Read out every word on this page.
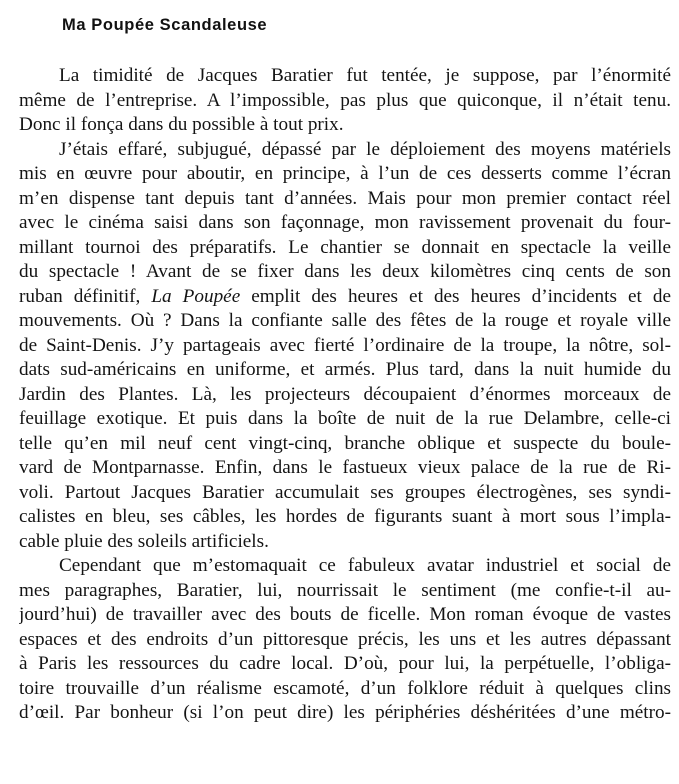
Ma Poupée Scandaleuse
La timidité de Jacques Baratier fut tentée, je suppose, par l’énormité
même de l’entreprise. A l’impossible, pas plus que quiconque, il n’était tenu.
Donc il fonça dans du possible à tout prix.
J’étais effaré, subjugué, dépassé par le déploiement des moyens matériels
mis en œuvre pour aboutir, en principe, à l’un de ces desserts comme l’écran
m’en dispense tant depuis tant d’années. Mais pour mon premier contact réel
avec le cinéma saisi dans son façonnage, mon ravissement provenait du four-
millant tournoi des préparatifs. Le chantier se donnait en spectacle la veille
du spectacle ! Avant de se fixer dans les deux kilomètres cinq cents de son
ruban définitif, La Poupée emplit des heures et des heures d’incidents et de
mouvements. Où ? Dans la confiante salle des fêtes de la rouge et royale ville
de Saint-Denis. J’y partageais avec fierté l’ordinaire de la troupe, la nôtre, sol-
dats sud-américains en uniforme, et armés. Plus tard, dans la nuit humide du
Jardin des Plantes. Là, les projecteurs découpaient d’énormes morceaux de
feuillage exotique. Et puis dans la boîte de nuit de la rue Delambre, celle-ci
telle qu’en mil neuf cent vingt-cinq, branche oblique et suspecte du boule-
vard de Montparnasse. Enfin, dans le fastueux vieux palace de la rue de Ri-
voli. Partout Jacques Baratier accumulait ses groupes électrogènes, ses syndi-
calistes en bleu, ses câbles, les hordes de figurants suant à mort sous l’impla-
cable pluie des soleils artificiels.
Cependant que m’estomaquait ce fabuleux avatar industriel et social de
mes paragraphes, Baratier, lui, nourrissait le sentiment (me confie-t-il au-
jourd’hui) de travailler avec des bouts de ficelle. Mon roman évoque de vastes
espaces et des endroits d’un pittoresque précis, les uns et les autres dépassant
à Paris les ressources du cadre local. D’où, pour lui, la perpétuelle, l’obliga-
toire trouvaille d’un réalisme escamoté, d’un folklore réduit à quelques clins
d’œil. Par bonheur (si l’on peut dire) les périphéries déshéritées d’une métro-
